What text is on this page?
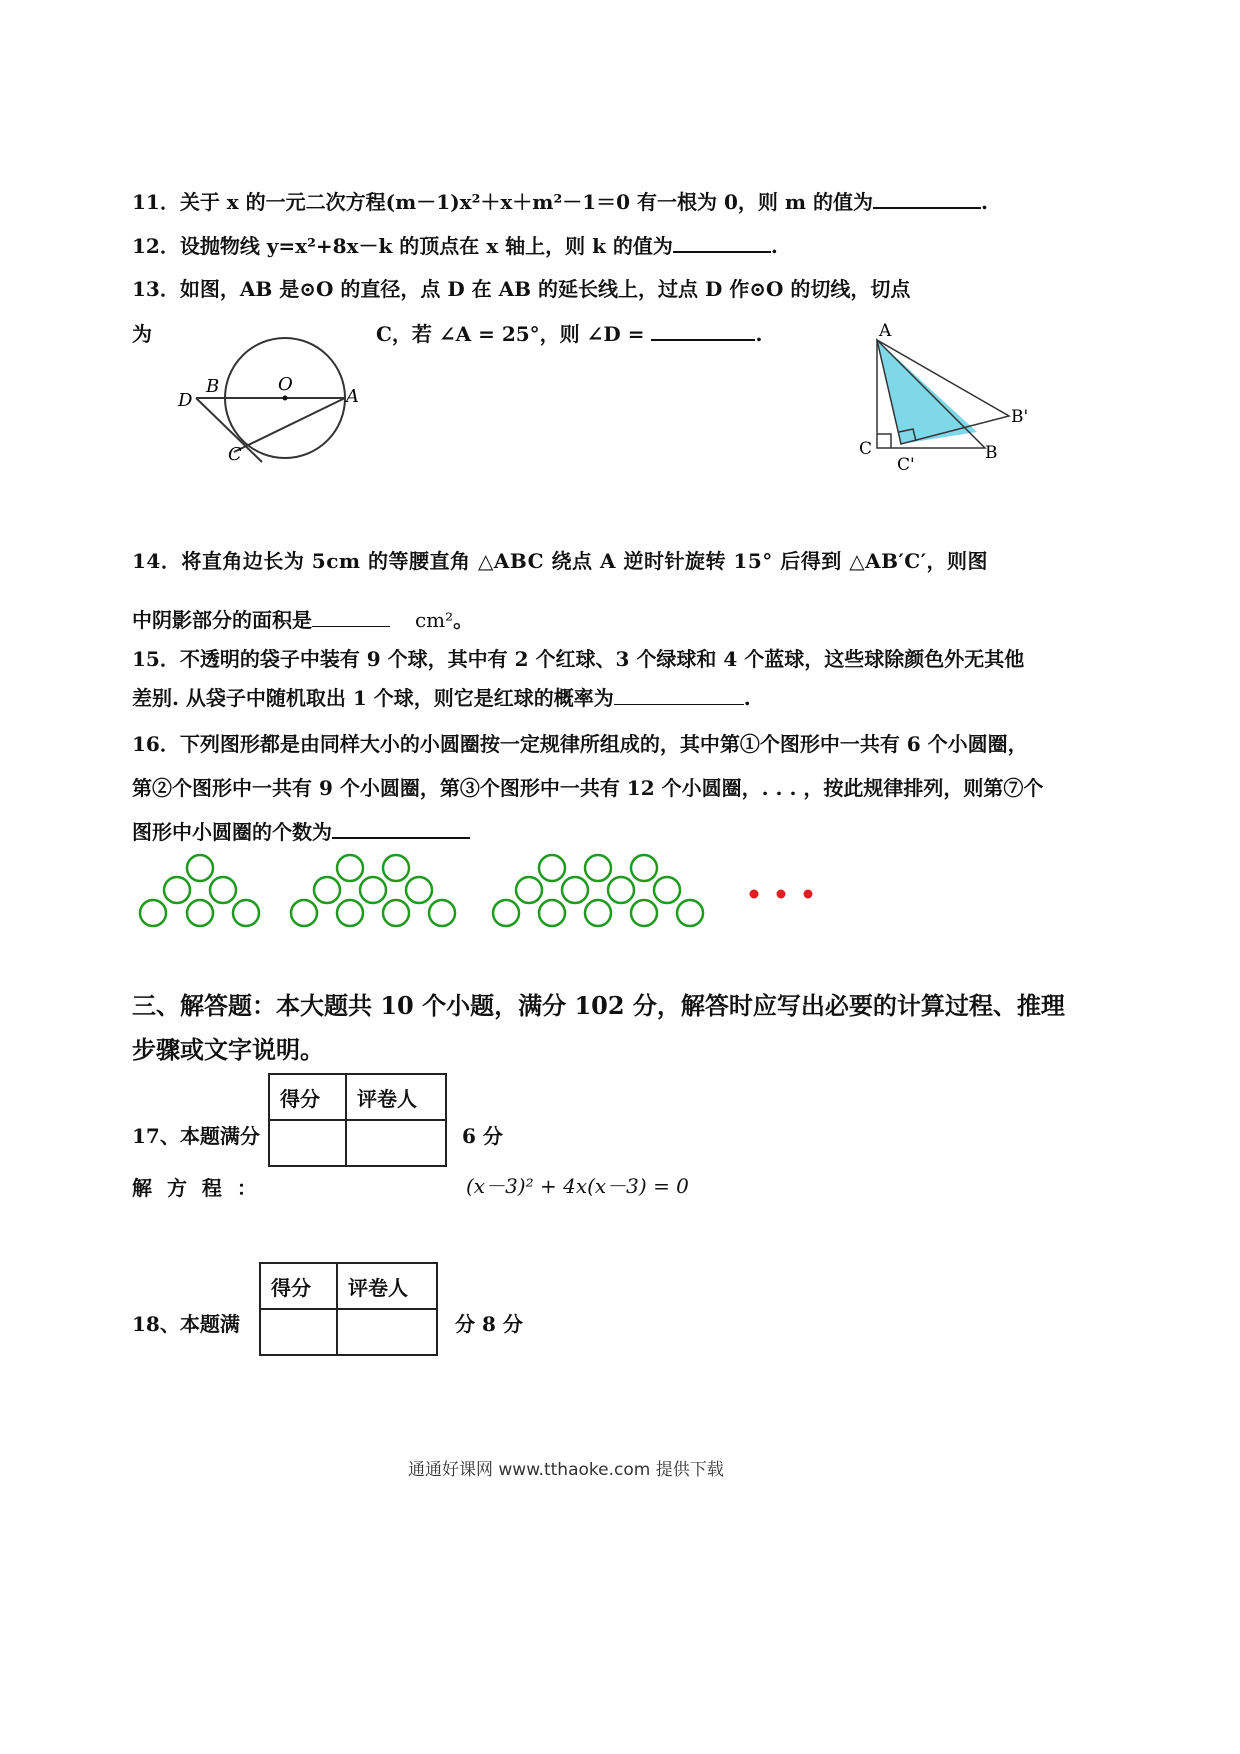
11．关于 x 的一元二次方程(m－1)x²＋x＋m²－1＝0 有一根为 0，则 m 的值为	.
12．设抛物线 y=x²+8x－k 的顶点在 x 轴上，则 k 的值为	.
13．如图，AB 是⊙O 的直径，点 D 在 AB 的延长线上，过点 D 作⊙O 的切线，切点
为	C，若 ∠A = 25°，则 ∠D =	.
D
B	O
A
C
A
B'
C
C'
B
14．将直角边长为 5cm 的等腰直角 △ABC 绕点 A 逆时针旋转 15° 后得到 △AB′C′，则图
中阴影部分的面积是	cm²。
15．不透明的袋子中装有 9 个球，其中有 2 个红球、3 个绿球和 4 个蓝球，这些球除颜色外无其他
差别. 从袋子中随机取出 1 个球，则它是红球的概率为	.
16．下列图形都是由同样大小的小圆圈按一定规律所组成的，其中第①个图形中一共有 6 个小圆圈，
第②个图形中一共有 9 个小圆圈，第③个图形中一共有 12 个小圆圈，. . . ，按此规律排列，则第⑦个
图形中小圆圈的个数为
三、解答题：本大题共 10 个小题，满分 102 分，解答时应写出必要的计算过程、推理
步骤或文字说明。
得分	评卷人

17、本题满分	6 分
解 方 程 ：	(x－3)² + 4x(x－3) = 0
得分	评卷人

18、本题满	分 8 分
通通好课网 www.tthaoke.com 提供下载
